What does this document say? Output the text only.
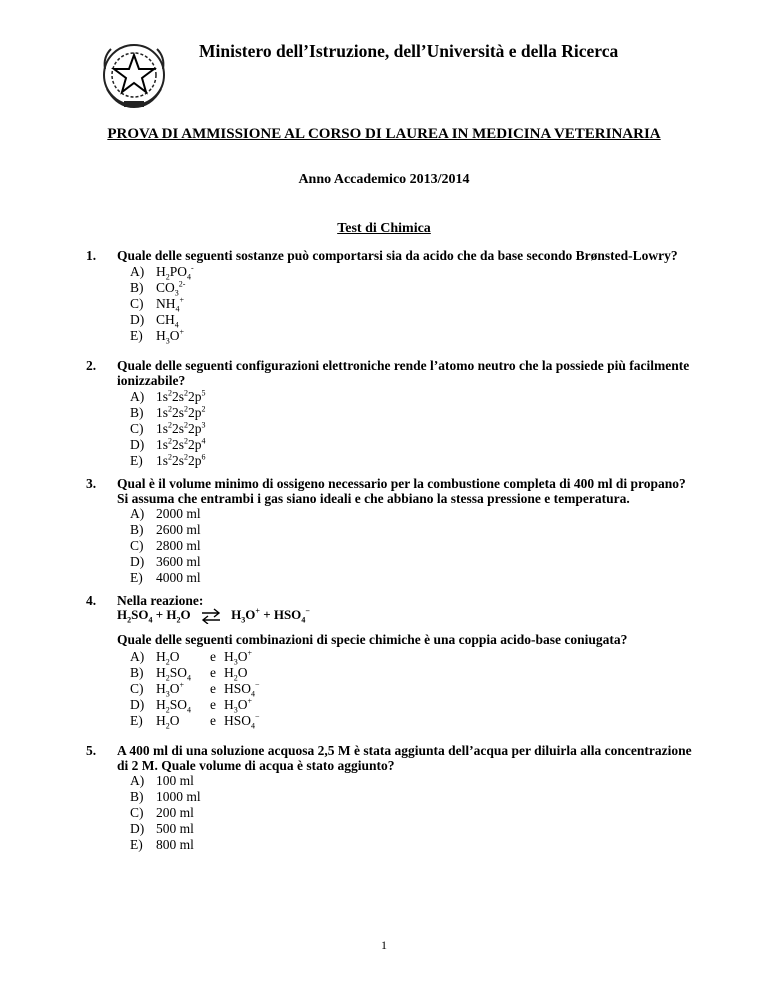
Ministero dell’Istruzione, dell’Università e della Ricerca
PROVA DI AMMISSIONE AL CORSO DI LAUREA IN MEDICINA VETERINARIA
Anno Accademico 2013/2014
Test di Chimica
1. Quale delle seguenti sostanze può comportarsi sia da acido che da base secondo Brønsted-Lowry?
A) $H_2PO_4^-$
B) $CO_3^{2-}$
C) $NH_4^+$
D) $CH_4$
E) $H_3O^+$
2. Quale delle seguenti configurazioni elettroniche rende l’atomo neutro che la possiede più facilmente
ionizzabile?
A) $1s^22s^22p^5$
B) $1s^22s^22p^2$
C) $1s^22s^22p^3$
D) $1s^22s^22p^4$
E) $1s^22s^22p^6$
3. Qual è il volume minimo di ossigeno necessario per la combustione completa di 400 ml di propano?
Si assuma che entrambi i gas siano ideali e che abbiano la stessa pressione e temperatura.
A) 2000 ml
B) 2600 ml
C) 2800 ml
D) 3600 ml
E) 4000 ml
4. Nella reazione:
$H_2SO_4 + H_2O$ ⇌ $H_3O^+ + HSO_4^-$
Quale delle seguenti combinazioni di specie chimiche è una coppia acido-base coniugata?
A) $H_2O$ e $H_3O^+$
B) $H_2SO_4$ e $H_2O$
C) $H_3O^+$ e $HSO_4^-$
D) $H_2SO_4$ e $H_3O^+$
E) $H_2O$ e $HSO_4^-$
5. A 400 ml di una soluzione acquosa 2,5 M è stata aggiunta dell’acqua per diluirla alla concentrazione
di 2 M. Quale volume di acqua è stato aggiunto?
A) 100 ml
B) 1000 ml
C) 200 ml
D) 500 ml
E) 800 ml
1
